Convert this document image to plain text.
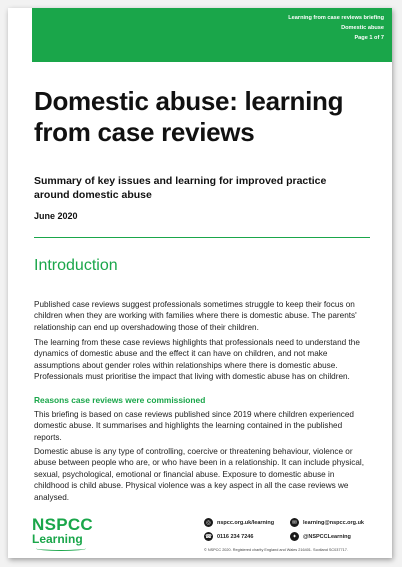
Learning from case reviews briefing
Domestic abuse
Page 1 of 7
Domestic abuse: learning from case reviews

Summary of key issues and learning for improved practice around domestic abuse

June 2020
Introduction

Published case reviews suggest professionals sometimes struggle to keep their focus on children when they are working with families where there is domestic abuse. The parents' relationship can end up overshadowing those of their children.

The learning from these case reviews highlights that professionals need to understand the dynamics of domestic abuse and the effect it can have on children, and not make assumptions about gender roles within relationships where there is domestic abuse. Professionals must prioritise the impact that living with domestic abuse has on children.

Reasons case reviews were commissioned

This briefing is based on case reviews published since 2019 where children experienced domestic abuse. It summarises and highlights the learning contained in the published reports.

Domestic abuse is any type of controlling, coercive or threatening behaviour, violence or abuse between people who are, or who have been in a relationship. It can include physical, sexual, psychological, emotional or financial abuse. Exposure to domestic abuse in childhood is child abuse. Physical violence was a key aspect in all the case reviews we analysed.

NSPCC
Learning
◎	nspcc.org.uk/learning	✉	learning@nspcc.org.uk
☎ 0116 234 7246	✦	@NSPCCLearning
© NSPCC 2020. Registered charity England and Wales 216401. Scotland SC037717.
